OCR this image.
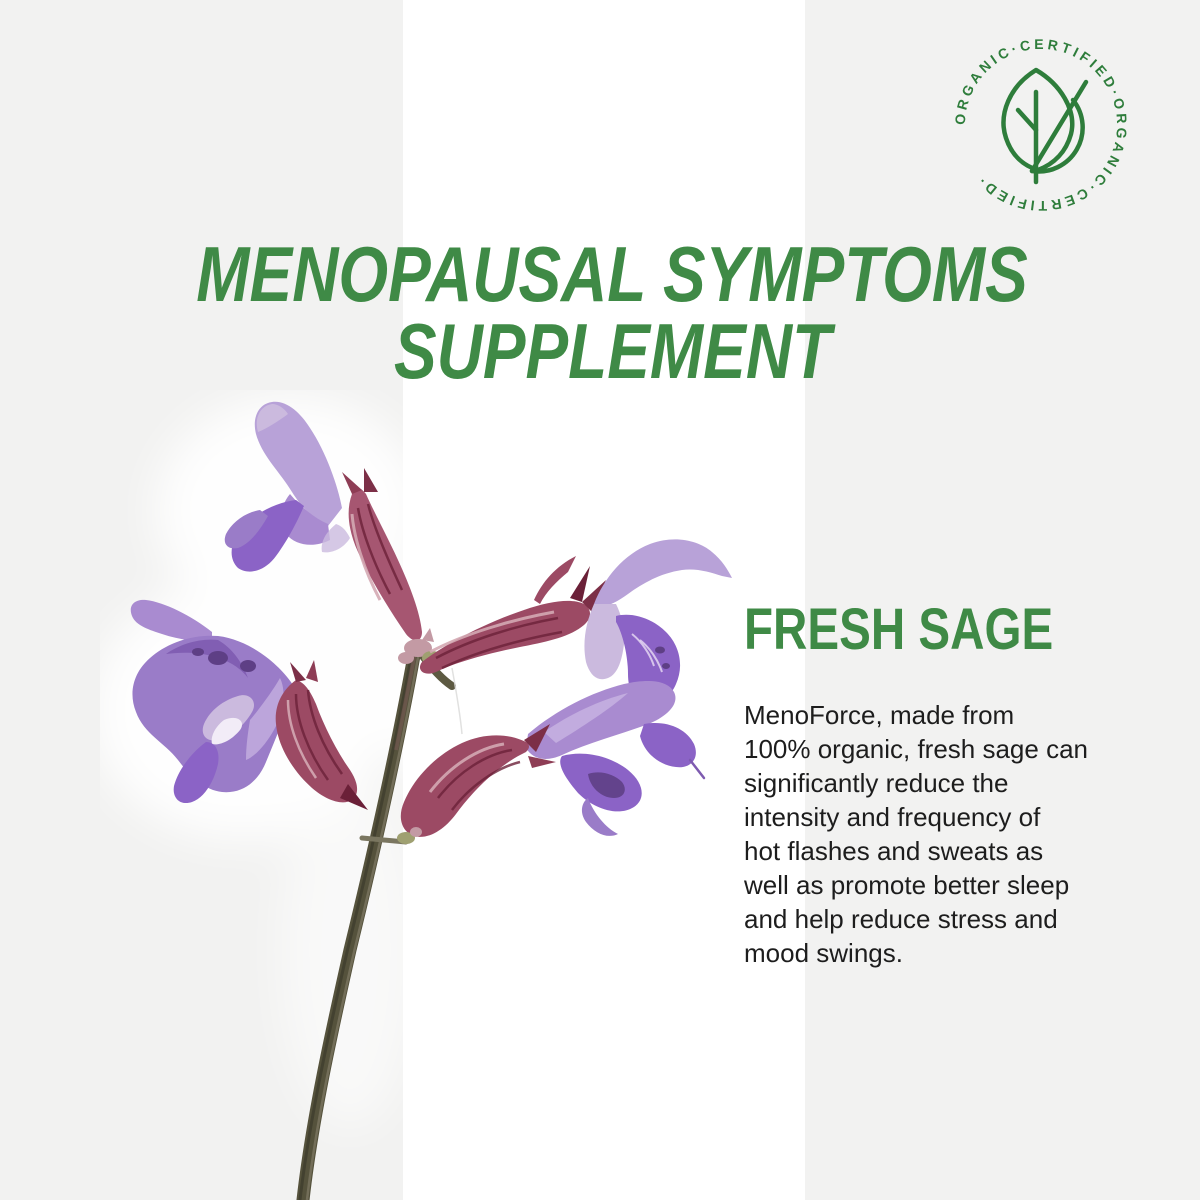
ORGANIC·CERTIFIED·ORGANIC·CERTIFIED·
MENOPAUSAL SYMPTOMS
SUPPLEMENT
FRESH SAGE
MenoForce, made from
100% organic, fresh sage can
significantly reduce the
intensity and frequency of
hot flashes and sweats as
well as promote better sleep
and help reduce stress and
mood swings.
